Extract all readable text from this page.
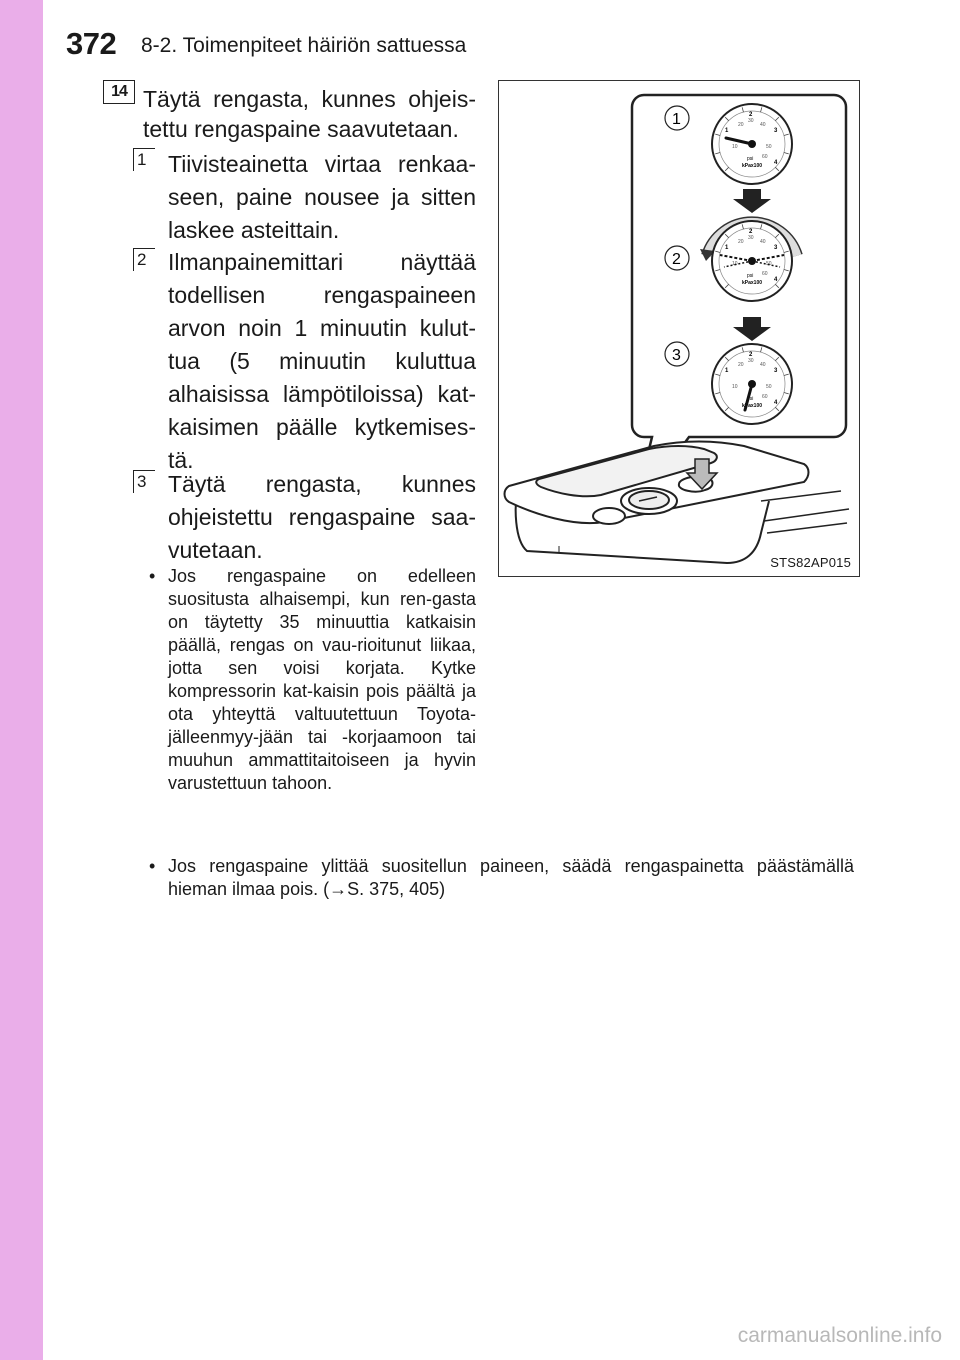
372 8-2. Toimenpiteet häiriön sattuessa
14 Täytä rengasta, kunnes ohjeis-tettu rengaspaine saavutetaan.
1 Tiivisteainetta virtaa renkaa-seen, paine nousee ja sitten laskee asteittain.
2 Ilmanpainemittari näyttää todellisen rengaspaineen arvon noin 1 minuutin kulut-tua (5 minuutin kuluttua alhaisissa lämpötiloissa) kat-kaisimen päälle kytkemises-tä.
3 Täytä rengasta, kunnes ohjeistettu rengaspaine saa-vutetaan.
• Jos rengaspaine on edelleen suositusta alhaisempi, kun ren-gasta on täytetty 35 minuuttia katkaisin päällä, rengas on vau-rioitunut liikaa, jotta sen voisi korjata. Kytke kompressorin kat-kaisin pois päältä ja ota yhteyttä valtuutettuun Toyota-jälleenmyy-jään tai -korjaamoon tai muuhun ammattitaitoiseen ja hyvin varustettuun tahoon.
• Jos rengaspaine ylittää suositellun paineen, säädä rengaspainetta päästämällä hieman ilmaa pois. (→S. 375, 405)
psi
kPax100
1
2
3
4
20
30
40
50
60
10
1
2
3
STS82AP015
carmanualsonline.info
